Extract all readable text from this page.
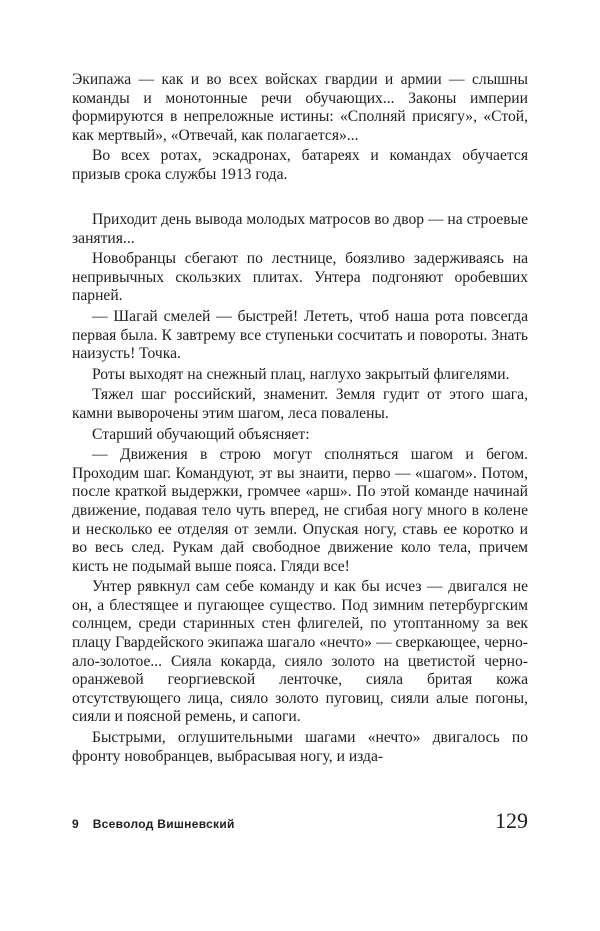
Экипажа — как и во всех войсках гвардии и армии — слышны команды и монотонные речи обучающих... Законы империи формируются в непреложные истины: «Сполняй присягу», «Стой, как мертвый», «Отвечай, как полагается»...

Во всех ротах, эскадронах, батареях и командах обучается призыв срока службы 1913 года.

Приходит день вывода молодых матросов во двор — на строевые занятия...

Новобранцы сбегают по лестнице, боязливо задерживаясь на непривычных скользких плитах. Унтера подгоняют оробевших парней.

— Шагай смелей — быстрей! Лететь, чтоб наша рота повсегда первая была. К завтрему все ступеньки сосчитать и повороты. Знать наизусть! Точка.

Роты выходят на снежный плац, наглухо закрытый флигелями.

Тяжел шаг российский, знаменит. Земля гудит от этого шага, камни выворочены этим шагом, леса повалены.

Старший обучающий объясняет:

— Движения в строю могут сполняться шагом и бегом. Проходим шаг. Командуют, эт вы знаити, перво — «шагом». Потом, после краткой выдержки, громчее «арш». По этой команде начинай движение, подавая тело чуть вперед, не сгибая ногу много в колене и несколько ее отделяя от земли. Опуская ногу, ставь ее коротко и во весь след. Рукам дай свободное движение коло тела, причем кисть не подымай выше пояса. Гляди все!

Унтер рявкнул сам себе команду и как бы исчез — двигался не он, а блестящее и пугающее существо. Под зимним петербургским солнцем, среди старинных стен флигелей, по утоптанному за век плацу Гвардейского экипажа шагало «нечто» — сверкающее, черно-ало-золотое... Сияла кокарда, сияло золото на цветистой черно-оранжевой георгиевской ленточке, сияла бритая кожа отсутствующего лица, сияло золото пуговиц, сияли алые погоны, сияли и поясной ремень, и сапоги.

Быстрыми, оглушительными шагами «нечто» двигалось по фронту новобранцев, выбрасывая ногу, и изда-

9 Всеволод Вишневский	129
